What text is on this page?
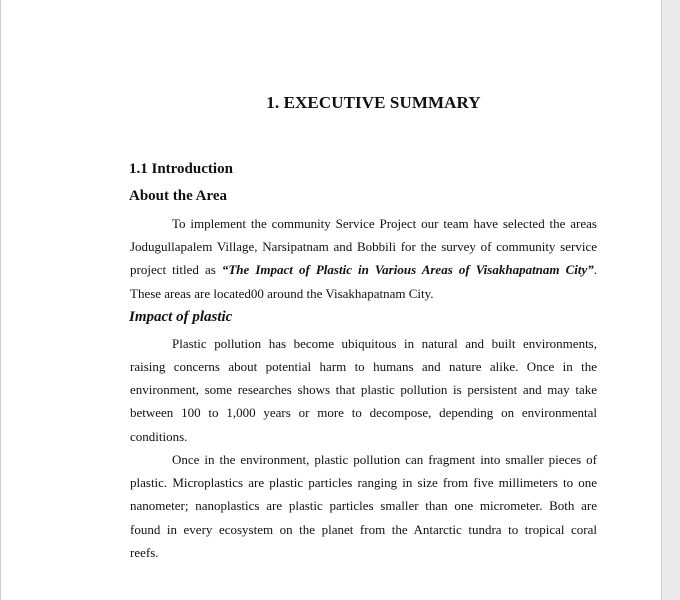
1. EXECUTIVE SUMMARY
1.1 Introduction
About the Area
To implement the community Service Project our team have selected the areas
Jodugullapalem Village, Narsipatnam and Bobbili for the survey of community service
project titled as “The Impact of Plastic in Various Areas of Visakhapatnam City”.
These areas are located00 around the Visakhapatnam City.
Impact of plastic
Plastic pollution has become ubiquitous in natural and built environments,
raising concerns about potential harm to humans and nature alike. Once in the
environment, some researches shows that plastic pollution is persistent and may take
between 100 to 1,000 years or more to decompose, depending on environmental
conditions.
Once in the environment, plastic pollution can fragment into smaller pieces of
plastic. Microplastics are plastic particles ranging in size from five millimeters to one
nanometer; nanoplastics are plastic particles smaller than one micrometer. Both are
found in every ecosystem on the planet from the Antarctic tundra to tropical coral
reefs.
